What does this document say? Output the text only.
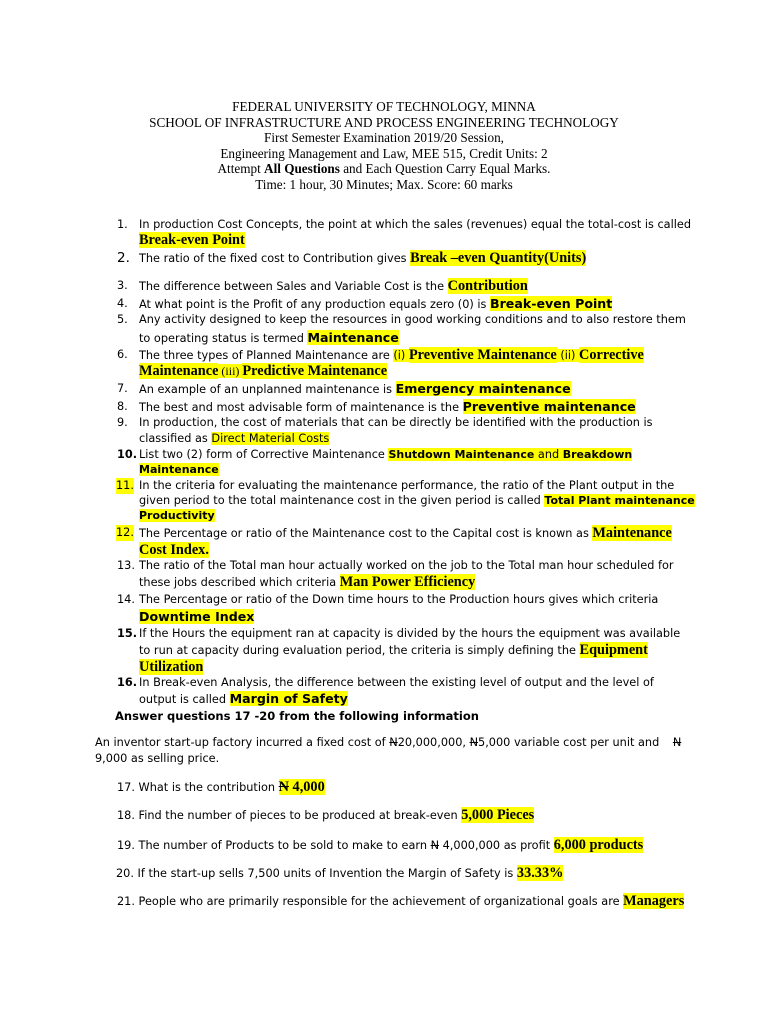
FEDERAL UNIVERSITY OF TECHNOLOGY, MINNA
SCHOOL OF INFRASTRUCTURE AND PROCESS ENGINEERING TECHNOLOGY
First Semester Examination 2019/20 Session,
Engineering Management and Law, MEE 515, Credit Units: 2
Attempt All Questions and Each Question Carry Equal Marks.
Time: 1 hour, 30 Minutes; Max. Score: 60 marks
1. In production Cost Concepts, the point at which the sales (revenues) equal the total-cost is called
Break-even Point
2. The ratio of the fixed cost to Contribution gives Break –even Quantity(Units)
3. The difference between Sales and Variable Cost is the Contribution
4. At what point is the Profit of any production equals zero (0) is Break-even Point
5. Any activity designed to keep the resources in good working conditions and to also restore them
to operating status is termed Maintenance
6. The three types of Planned Maintenance are (i) Preventive Maintenance (ii) Corrective
Maintenance (iii) Predictive Maintenance
7. An example of an unplanned maintenance is Emergency maintenance
8. The best and most advisable form of maintenance is the Preventive maintenance
9. In production, the cost of materials that can be directly be identified with the production is
classified as Direct Material Costs
10. List two (2) form of Corrective Maintenance Shutdown Maintenance and Breakdown
Maintenance
11. In the criteria for evaluating the maintenance performance, the ratio of the Plant output in the
given period to the total maintenance cost in the given period is called Total Plant maintenance
Productivity
12. The Percentage or ratio of the Maintenance cost to the Capital cost is known as Maintenance
Cost Index.
13. The ratio of the Total man hour actually worked on the job to the Total man hour scheduled for
these jobs described which criteria Man Power Efficiency
14. The Percentage or ratio of the Down time hours to the Production hours gives which criteria
Downtime Index
15. If the Hours the equipment ran at capacity is divided by the hours the equipment was available
to run at capacity during evaluation period, the criteria is simply defining the Equipment
Utilization
16. In Break-even Analysis, the difference between the existing level of output and the level of
output is called Margin of Safety
Answer questions 17 -20 from the following information
An inventor start-up factory incurred a fixed cost of N20,000,000, N5,000 variable cost per unit and N
9,000 as selling price.
17. What is the contribution N 4,000
18. Find the number of pieces to be produced at break-even 5,000 Pieces
19. The number of Products to be sold to make to earn N 4,000,000 as profit 6,000 products
20. If the start-up sells 7,500 units of Invention the Margin of Safety is 33.33%
21. People who are primarily responsible for the achievement of organizational goals are Managers
